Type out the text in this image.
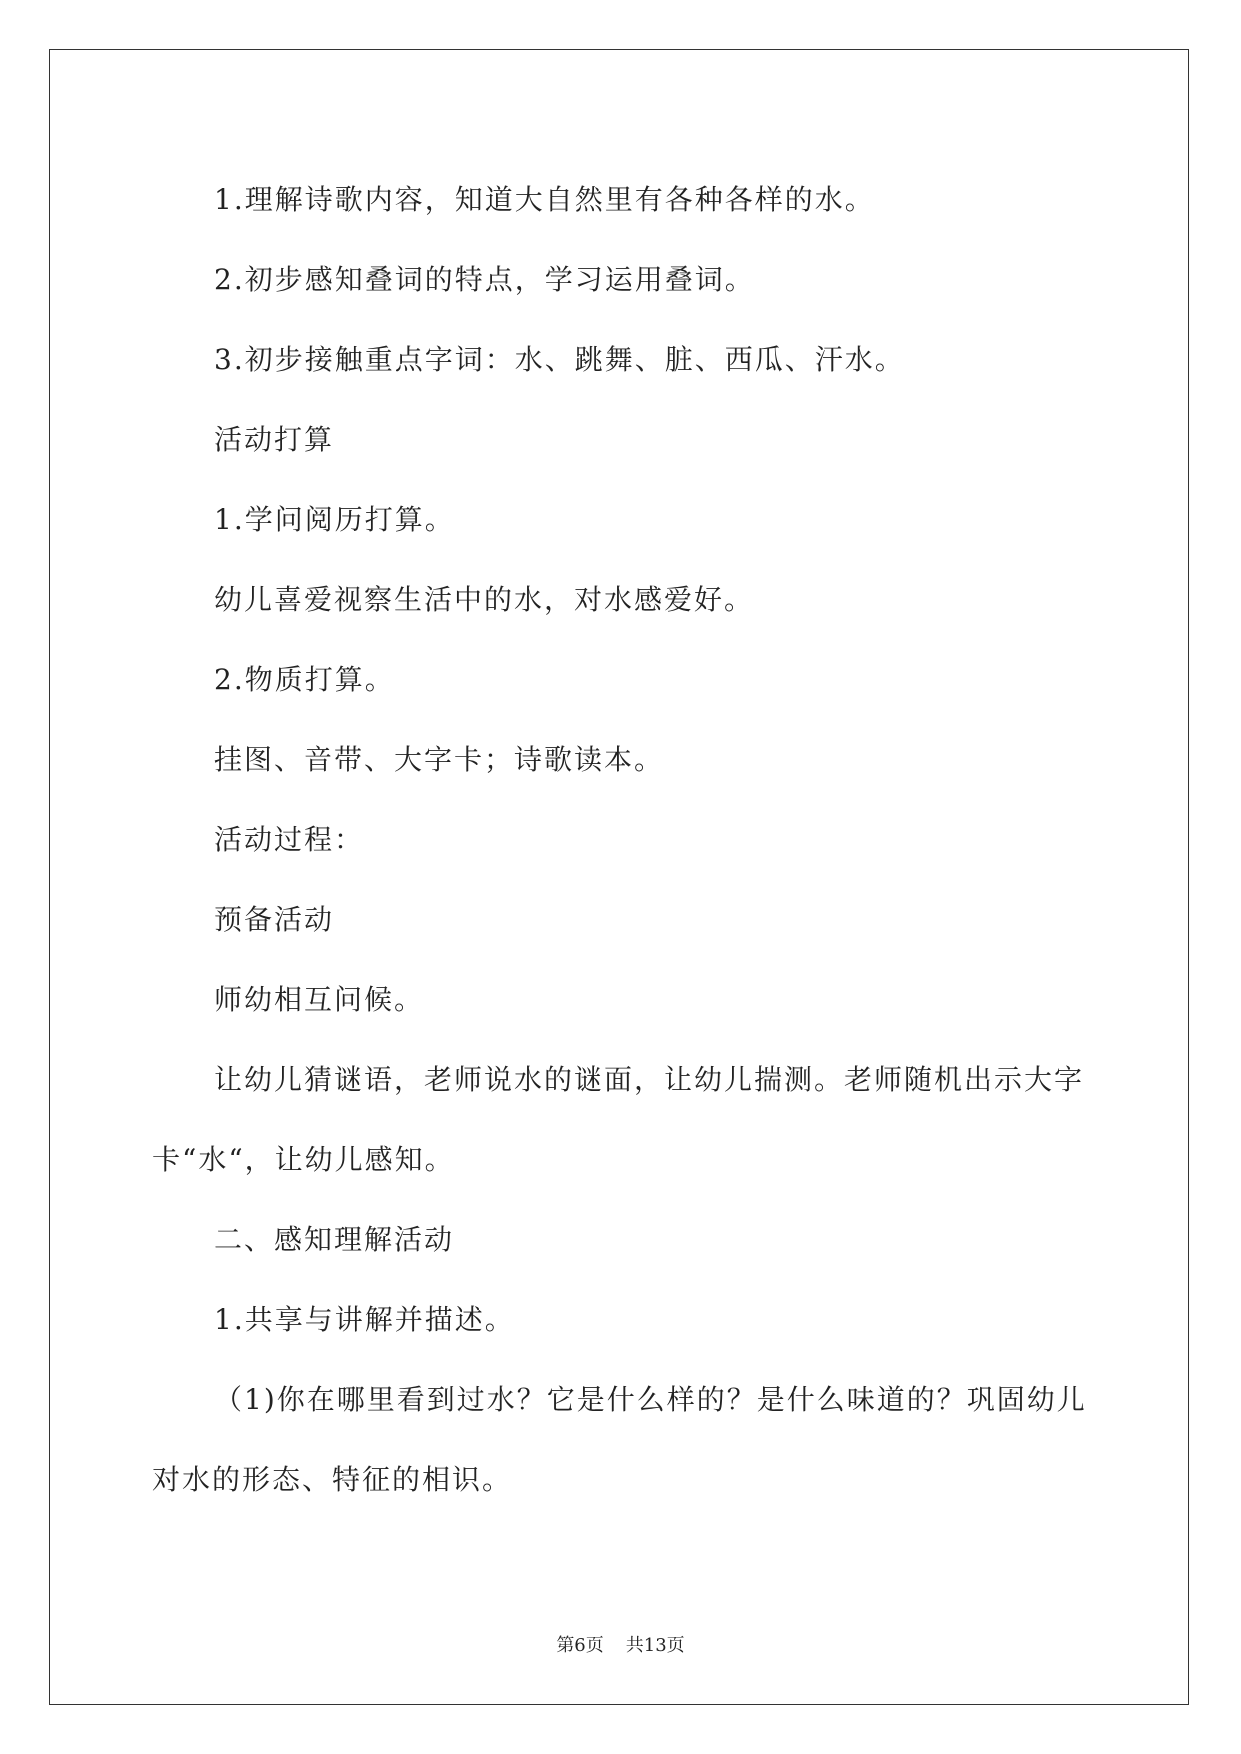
1.理解诗歌内容，知道大自然里有各种各样的水。

2.初步感知叠词的特点，学习运用叠词。

3.初步接触重点字词：水、跳舞、脏、西瓜、汗水。

活动打算

1.学问阅历打算。

幼儿喜爱视察生活中的水，对水感爱好。

2.物质打算。

挂图、音带、大字卡；诗歌读本。

活动过程：

预备活动

师幼相互问候。

让幼儿猜谜语，老师说水的谜面，让幼儿揣测。老师随机出示大字卡“水“，让幼儿感知。

二、感知理解活动

1.共享与讲解并描述。

（1)你在哪里看到过水？它是什么样的？是什么味道的？巩固幼儿对水的形态、特征的相识。

第6页 共13页
